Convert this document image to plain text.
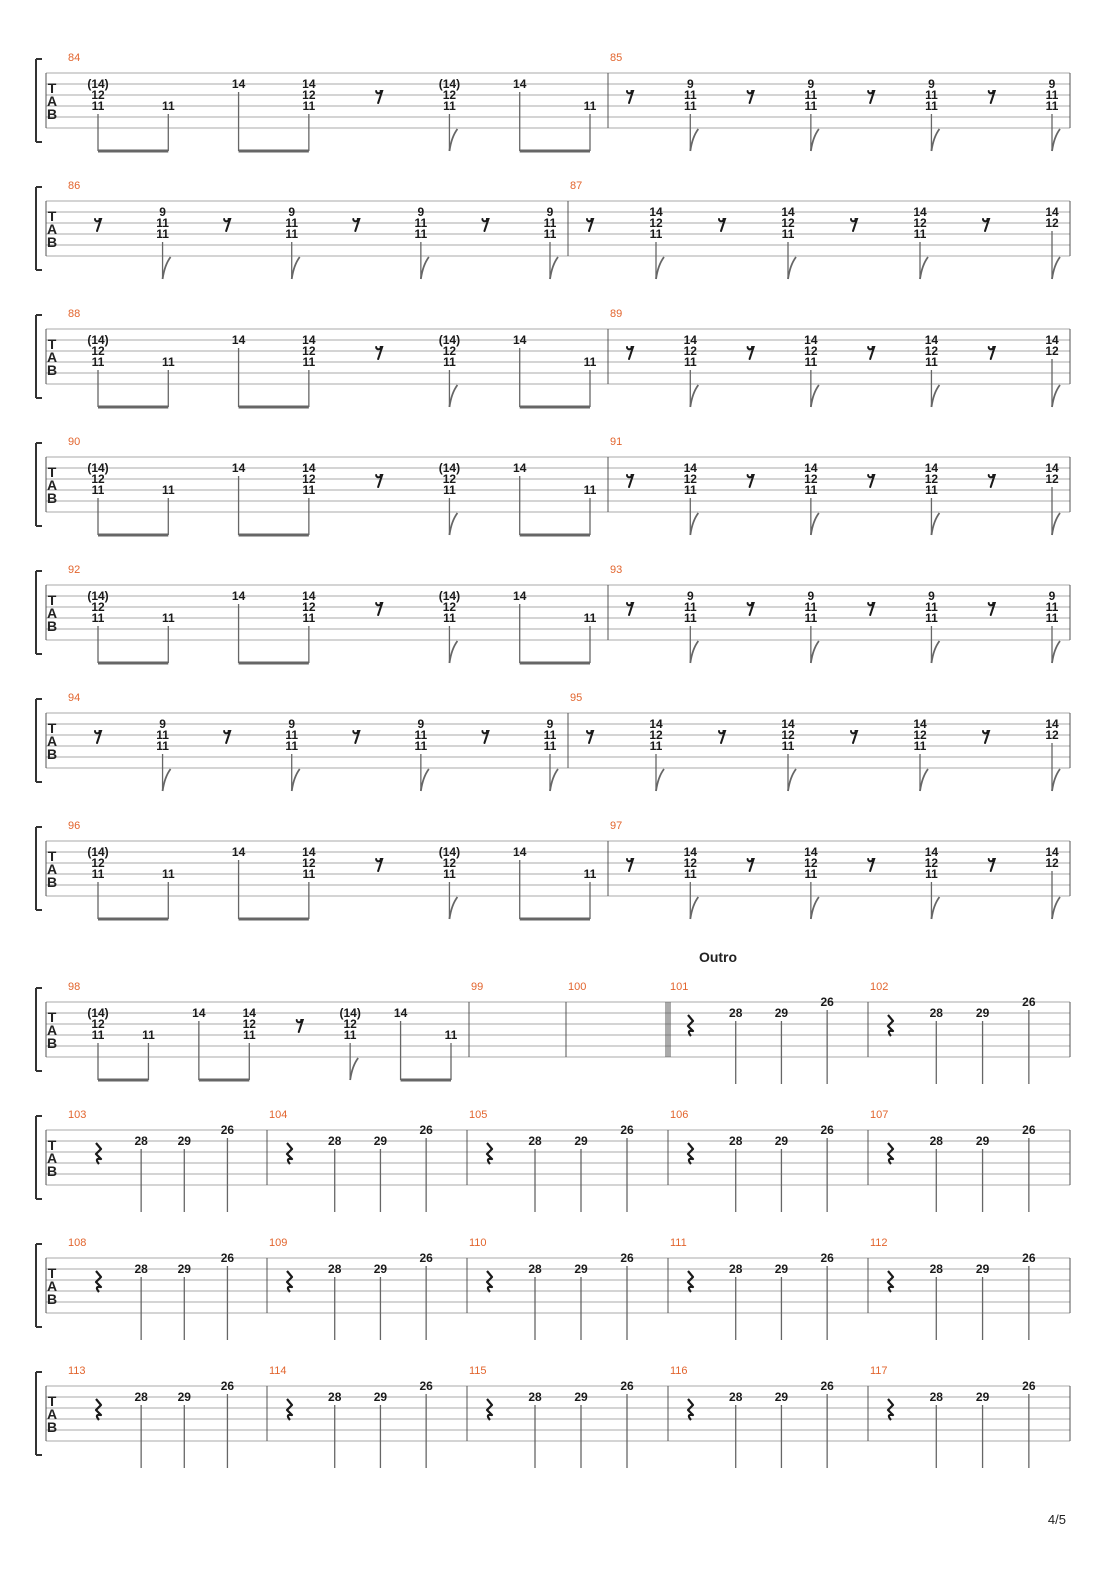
T
A
B
84
(14)
12
11	11
14	14
12
11
(14)
12
11
14
11
85
9
11
11
9
11
11
9
11
11
9
11
11
T
A
B
86
9
11
11
9
11
11
9
11
11
9
11
11
87
14
12
11
14
12
11
14
12
11
14
12
T
A
B
88
(14)
12
11	11
14	14
12
11
(14)
12
11
14
11
89
14
12
11
14
12
11
14
12
11
14
12
T
A
B
90
(14)
12
11	11
14	14
12
11
(14)
12
11
14
11
91
14
12
11
14
12
11
14
12
11
14
12
T
A
B
92
(14)
12
11	11
14	14
12
11
(14)
12
11
14
11
93
9
11
11
9
11
11
9
11
11
9
11
11
T
A
B
94
9
11
11
9
11
11
9
11
11
9
11
11
95
14
12
11
14
12
11
14
12
11
14
12
T
A
B
96
(14)
12
11	11
14	14
12
11
(14)
12
11
14
11
97
14
12
11
14
12
11
14
12
11
14
12
T
A
B
98
(14)
12
11	11
14	14
12
11
(14)
12
11
14
11
99	100	101
Outro
28	29
26
102
28	29
26
T
A
B
103
28 29
26
104
28	29
26
105
28	29
26
106
28	29
26
107
28	29
26
T
A
B
108
28 29
26
109
28	29
26
110
28	29
26
111
28	29
26
112
28	29
26
T
A
B
113
28 29
26
114
28	29
26
115
28	29
26
116
28	29
26
117
28	29
26
4/5
